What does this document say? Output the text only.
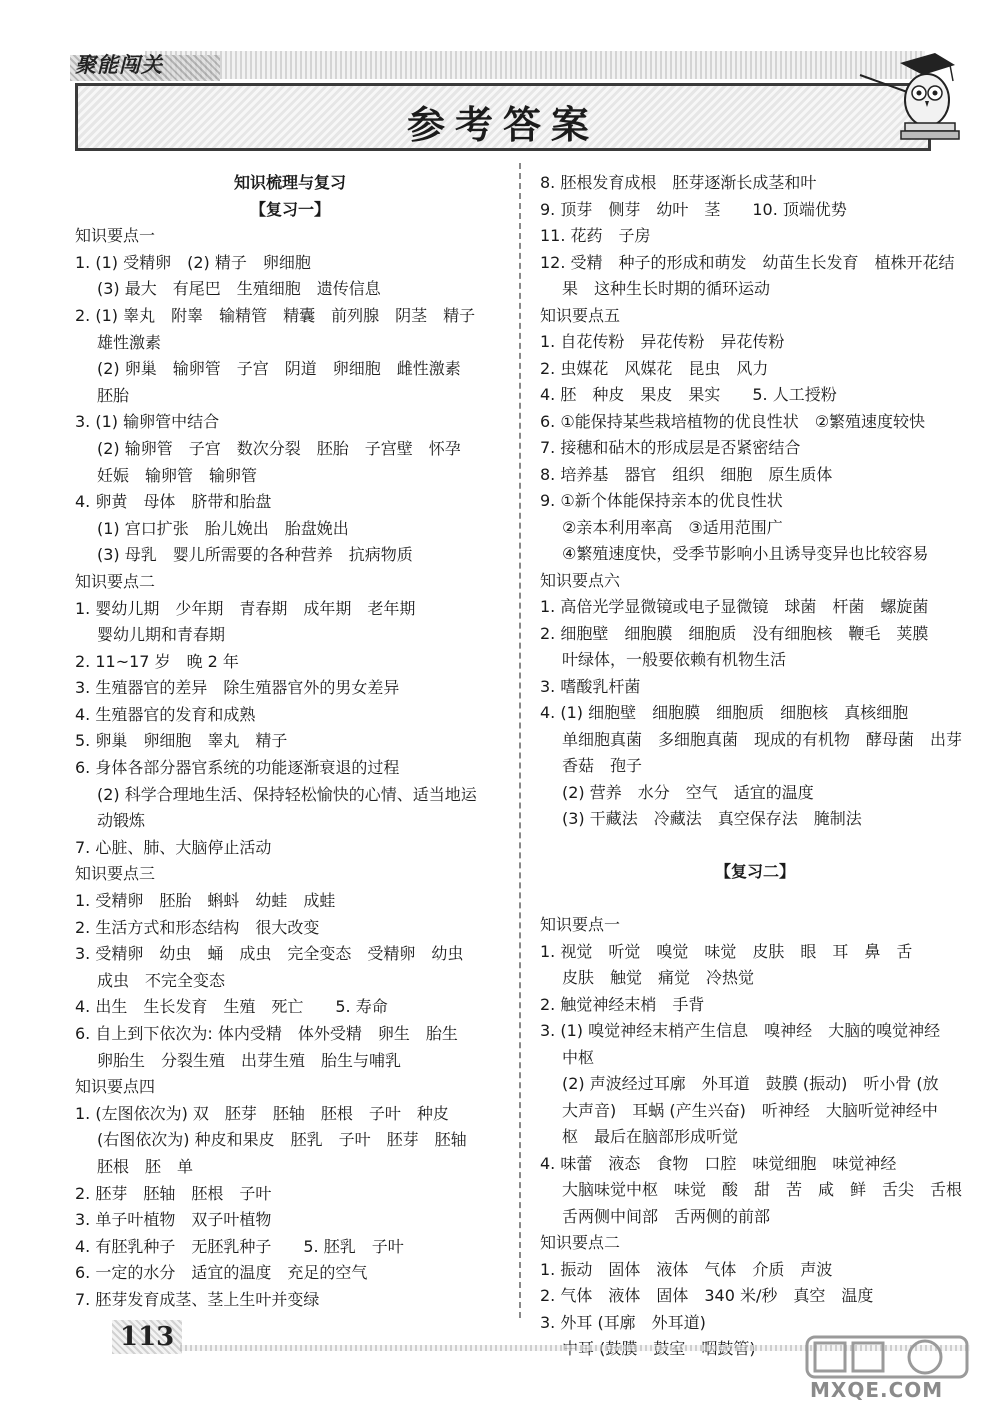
聚能闯关
参考答案
知识梳理与复习
【复习一】
知识要点一
1. (1) 受精卵　(2) 精子　卵细胞
(3) 最大　有尾巴　生殖细胞　遗传信息
2. (1) 睾丸　附睾　输精管　精囊　前列腺　阴茎　精子
雄性激素
(2) 卵巢　输卵管　子宫　阴道　卵细胞　雌性激素
胚胎
3. (1) 输卵管中结合
(2) 输卵管　子宫　数次分裂　胚胎　子宫壁　怀孕
妊娠　输卵管　输卵管
4. 卵黄　母体　脐带和胎盘
(1) 宫口扩张　胎儿娩出　胎盘娩出
(3) 母乳　婴儿所需要的各种营养　抗病物质
知识要点二
1. 婴幼儿期　少年期　青春期　成年期　老年期
婴幼儿期和青春期
2. 11~17 岁　晚 2 年
3. 生殖器官的差异　除生殖器官外的男女差异
4. 生殖器官的发育和成熟
5. 卵巢　卵细胞　睾丸　精子
6. 身体各部分器官系统的功能逐渐衰退的过程
(2) 科学合理地生活、保持轻松愉快的心情、适当地运
动锻炼
7. 心脏、肺、大脑停止活动
知识要点三
1. 受精卵　胚胎　蝌蚪　幼蛙　成蛙
2. 生活方式和形态结构　很大改变
3. 受精卵　幼虫　蛹　成虫　完全变态　受精卵　幼虫
成虫　不完全变态
4. 出生　生长发育　生殖　死亡　　5. 寿命
6. 自上到下依次为: 体内受精　体外受精　卵生　胎生
卵胎生　分裂生殖　出芽生殖　胎生与哺乳
知识要点四
1. (左图依次为) 双　胚芽　胚轴　胚根　子叶　种皮
(右图依次为) 种皮和果皮　胚乳　子叶　胚芽　胚轴
胚根　胚　单
2. 胚芽　胚轴　胚根　子叶
3. 单子叶植物　双子叶植物
4. 有胚乳种子　无胚乳种子　　5. 胚乳　子叶
6. 一定的水分　适宜的温度　充足的空气
7. 胚芽发育成茎、茎上生叶并变绿
8. 胚根发育成根　胚芽逐渐长成茎和叶
9. 顶芽　侧芽　幼叶　茎　　10. 顶端优势
11. 花药　子房
12. 受精　种子的形成和萌发　幼苗生长发育　植株开花结
果　这种生长时期的循环运动
知识要点五
1. 自花传粉　异花传粉　异花传粉
2. 虫媒花　风媒花　昆虫　风力
4. 胚　种皮　果皮　果实　　5. 人工授粉
6. ①能保持某些栽培植物的优良性状　②繁殖速度较快
7. 接穗和砧木的形成层是否紧密结合
8. 培养基　器官　组织　细胞　原生质体
9. ①新个体能保持亲本的优良性状
②亲本利用率高　③适用范围广
④繁殖速度快，受季节影响小且诱导变异也比较容易
知识要点六
1. 高倍光学显微镜或电子显微镜　球菌　杆菌　螺旋菌
2. 细胞壁　细胞膜　细胞质　没有细胞核　鞭毛　荚膜
叶绿体，一般要依赖有机物生活
3. 嗜酸乳杆菌
4. (1) 细胞壁　细胞膜　细胞质　细胞核　真核细胞
单细胞真菌　多细胞真菌　现成的有机物　酵母菌　出芽
香菇　孢子
(2) 营养　水分　空气　适宜的温度
(3) 干藏法　冷藏法　真空保存法　腌制法
【复习二】
知识要点一
1. 视觉　听觉　嗅觉　味觉　皮肤　眼　耳　鼻　舌
皮肤　触觉　痛觉　冷热觉
2. 触觉神经末梢　手背
3. (1) 嗅觉神经末梢产生信息　嗅神经　大脑的嗅觉神经
中枢
(2) 声波经过耳廓　外耳道　鼓膜 (振动)　听小骨 (放
大声音)　耳蜗 (产生兴奋)　听神经　大脑听觉神经中
枢　最后在脑部形成听觉
4. 味蕾　液态　食物　口腔　味觉细胞　味觉神经
大脑味觉中枢　味觉　酸　甜　苦　咸　鲜　舌尖　舌根
舌两侧中间部　舌两侧的前部
知识要点二
1. 振动　固体　液体　气体　介质　声波
2. 气体　液体　固体　340 米/秒　真空　温度
3. 外耳 (耳廓　外耳道)
113
MXQE.COM
